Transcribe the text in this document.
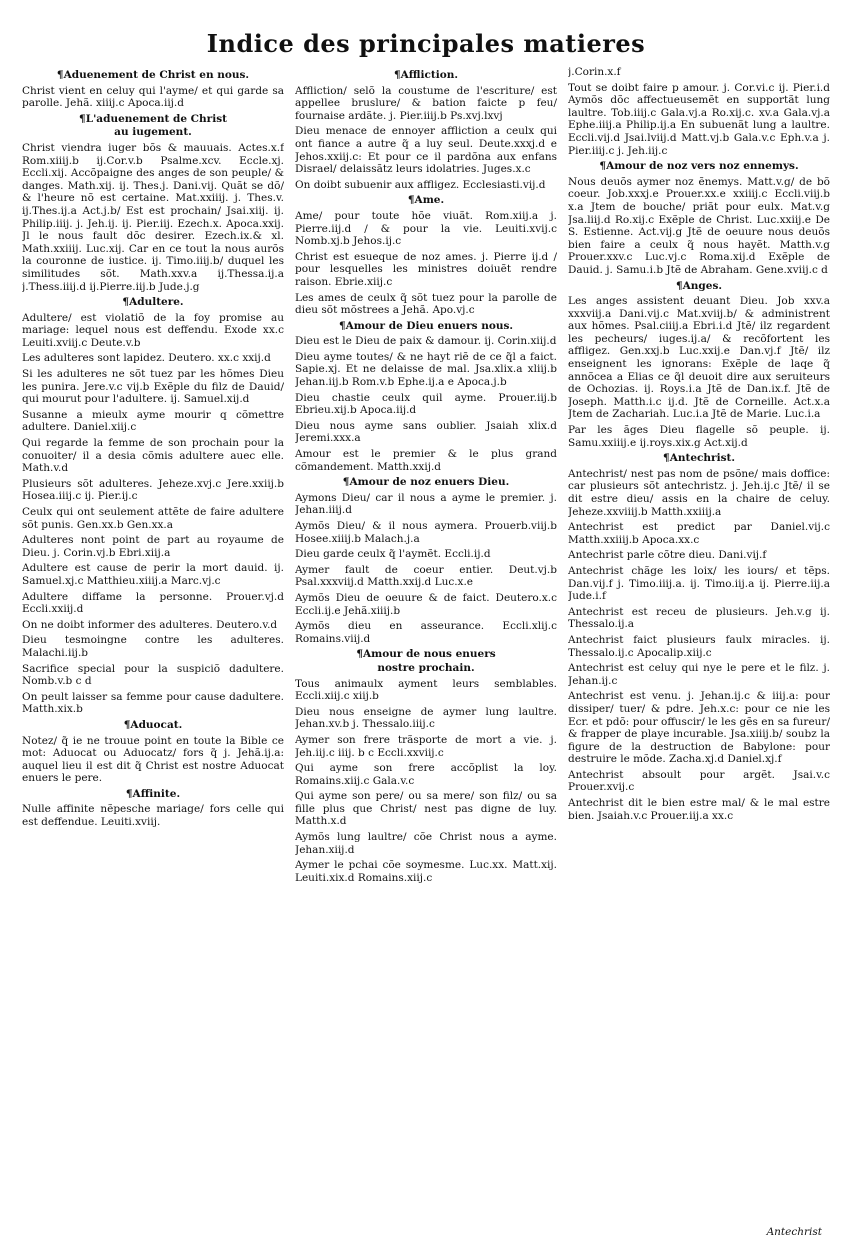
Indice des principales matieres

¶ Aduenement de Christ en nous.

Christ vient en celuy qui l'ayme/ et qui garde sa parolle. Jehã. xiiij.c Apoca.iij.d

¶ L'aduenement de Christ

au iugement.

Christ viendra iuger bõs & mauuais. Actes.x.f Rom.xiiij.b ij.Cor.v.b Psalme.xcv. Eccle.xj. Eccli.xij. Accõpaigne des anges de son peuple/ & danges. Math.xij. ij. Thes.j. Dani.vij. Quãt se dõ/ & l'heure nõ est certaine. Mat.xxiiij. j. Thes.v. ij.Thes.ij.a Act.j.b/ Est est prochain/ Jsai.xiij. ij. Philip.iiij. j. Jeh.ij. ij. Pier.iij. Ezech.x. Apoca.xxij. Jl le nous fault dõc desirer. Ezech.ix.& xl. Math.xxiiij. Luc.xij. Car en ce tout la nous aurõs la couronne de iustice. ij. Timo.iiij.b/ duquel les similitudes sõt. Math.xxv.a ij.Thessa.ij.a j.Thess.iiij.d ij.Pierre.iij.b Jude.j.g

¶ Adultere.

Adultere/ est violatiõ de la foy promise au mariage: lequel nous est deffendu. Exode xx.c Leuiti.xviij.c Deute.v.b

Les adulteres sont lapidez. Deutero. xx.c xxij.d

Si les adulteres ne sõt tuez par les hõmes Dieu les punira. Jere.v.c vij.b Exẽple du filz de Dauid/ qui mourut pour l'adultere. ij. Samuel.xij.d

Susanne a mieulx ayme mourir q cõmettre adultere. Daniel.xiij.c

Qui regarde la femme de son prochain pour la conuoiter/ il a desia cõmis adultere auec elle. Math.v.d

Plusieurs sõt adulteres. Jeheze.xvj.c Jere.xxiij.b Hosea.iiij.c ij. Pier.ij.c

Ceulx qui ont seulement attẽte de faire adultere sõt punis. Gen.xx.b Gen.xx.a

Adulteres nont point de part au royaume de Dieu. j. Corin.vj.b Ebri.xiij.a

Adultere est cause de perir la mort dauid. ij. Samuel.xj.c Matthieu.xiiij.a Marc.vj.c

Adultere diffame la personne. Prouer.vj.d Eccli.xxiij.d

On ne doibt informer des adulteres. Deutero.v.d

Dieu tesmoingne contre les adulteres. Malachi.iij.b

Sacrifice special pour la suspiciõ dadultere. Nomb.v.b c d

On peult laisser sa femme pour cause dadultere. Matth.xix.b

¶ Aduocat.

Notez/ q̃ ie ne trouue point en toute la Bible ce mot: Aduocat ou Aduocatz/ fors q̃ j. Jehã.ij.a: auquel lieu il est dit q̃ Christ est nostre Aduocat enuers le pere.

¶ Affinite.

Nulle affinite nẽpesche mariage/ fors celle qui est deffendue. Leuiti.xviij.

¶ Affliction.

Affliction/ selõ la coustume de l'escriture/ est appellee bruslure/ & bation faicte p feu/ fournaise ardãte. j. Pier.iiij.b Ps.xvj.lxvj

Dieu menace de ennoyer affliction a ceulx qui ont fiance a autre q̃ a luy seul. Deute.xxxj.d e Jehos.xxiij.c: Et pour ce il pardõna aux enfans Disrael/ delaissãtz leurs idolatries. Juges.x.c

On doibt subuenir aux affligez. Ecclesiasti.vij.d

¶ Ame.

Ame/ pour toute hõe viuãt. Rom.xiij.a j. Pierre.iij.d / & pour la vie. Leuiti.xvij.c Nomb.xj.b Jehos.ij.c

Christ est esueque de noz ames. j. Pierre ij.d / pour lesquelles les ministres doiuẽt rendre raison. Ebrie.xiij.c

Les ames de ceulx q̃ sõt tuez pour la parolle de dieu sõt mõstrees a Jehã. Apo.vj.c

¶ Amour de Dieu enuers nous.

Dieu est le Dieu de paix & damour. ij. Corin.xiij.d

Dieu ayme toutes/ & ne hayt riẽ de ce q̃l a faict. Sapie.xj. Et ne delaisse de mal. Jsa.xlix.a xliij.b Jehan.iij.b Rom.v.b Ephe.ij.a e Apoca.j.b

Dieu chastie ceulx quil ayme. Prouer.iij.b Ebrieu.xij.b Apoca.iij.d

Dieu nous ayme sans oublier. Jsaiah xlix.d Jeremi.xxx.a

Amour est le premier & le plus grand cõmandement. Matth.xxij.d

¶ Amour de noz enuers Dieu.

Aymons Dieu/ car il nous a ayme le premier. j. Jehan.iiij.d

Aymõs Dieu/ & il nous aymera. Prouerb.viij.b Hosee.xiiij.b Malach.j.a

Dieu garde ceulx q̃ l'aymẽt. Eccli.ij.d

Aymer fault de coeur entier. Deut.vj.b Psal.xxxviij.d Matth.xxij.d Luc.x.e

Aymõs Dieu de oeuure & de faict. Deutero.x.c Eccli.ij.e Jehã.xiiij.b

Aymõs dieu en asseurance. Eccli.xlij.c Romains.viij.d

¶ Amour de nous enuers

nostre prochain.

Tous animaulx ayment leurs semblables. Eccli.xiij.c xiij.b

Dieu nous enseigne de aymer lung laultre. Jehan.xv.b j. Thessalo.iiij.c

Aymer son frere trãsporte de mort a vie. j. Jeh.iij.c iiij. b c Eccli.xxviij.c

Qui ayme son frere accõplist la loy. Romains.xiij.c Gala.v.c

Qui ayme son pere/ ou sa mere/ son filz/ ou sa fille plus que Christ/ nest pas digne de luy. Matth.x.d

Aymõs lung laultre/ cõe Christ nous a ayme. Jehan.xiij.d

Aymer le pchai cõe soymesme. Luc.xx. Matt.xij. Leuiti.xix.d Romains.xiij.c

j.Corin.x.f

Tout se doibt faire p amour. j. Cor.vi.c ij. Pier.i.d Aymõs dõc affectueusemẽt en supportãt lung laultre. Tob.iiij.c Gala.vj.a Ro.xij.c. xv.a Gala.vj.a Ephe.iiij.a Philip.ij.a En subuenãt lung a laultre. Eccli.vij.d Jsai.lviij.d Matt.vj.b Gala.v.c Eph.v.a j. Pier.iiij.c j. Jeh.iij.c

¶ Amour de noz vers noz ennemys.

Nous deuõs aymer noz ẽnemys. Matt.v.g/ de bõ coeur. Job.xxxj.e Prouer.xx.e xxiiij.c Eccli.viij.b x.a Jtem de bouche/ priãt pour eulx. Mat.v.g Jsa.liij.d Ro.xij.c Exẽple de Christ. Luc.xxiij.e De S. Estienne. Act.vij.g Jtẽ de oeuure nous deuõs bien faire a ceulx q̃ nous hayẽt. Matth.v.g Prouer.xxv.c Luc.vj.c Roma.xij.d Exẽple de Dauid. j. Samu.i.b Jtẽ de Abraham. Gene.xviij.c d

¶ Anges.

Les anges assistent deuant Dieu. Job xxv.a xxxviij.a Dani.vij.c Mat.xviij.b/ & administrent aux hõmes. Psal.ciiij.a Ebri.i.d Jtẽ/ ilz regardent les pecheurs/ iuges.ij.a/ & recõfortent les affligez. Gen.xxj.b Luc.xxij.e Dan.vj.f Jtẽ/ ilz enseignent les ignorans: Exẽple de laqe q̃ annõcea a Elias ce q̃l deuoit dire aux seruiteurs de Ochozias. ij. Roys.i.a Jtẽ de Dan.ix.f. Jtẽ de Joseph. Matth.i.c ij.d. Jtẽ de Corneille. Act.x.a Jtem de Zachariah. Luc.i.a Jtẽ de Marie. Luc.i.a

Par les ãges Dieu flagelle sõ peuple. ij. Samu.xxiiij.e ij.roys.xix.g Act.xij.d

¶ Antechrist.

Antechrist/ nest pas nom de psõne/ mais doffice: car plusieurs sõt antechristz. j. Jeh.ij.c Jtẽ/ il se dit estre dieu/ assis en la chaire de celuy. Jeheze.xxviiij.b Matth.xxiiij.a

Antechrist est predict par Daniel.vij.c Matth.xxiiij.b Apoca.xx.c

Antechrist parle cõtre dieu. Dani.vij.f

Antechrist chãge les loix/ les iours/ et tẽps. Dan.vij.f j. Timo.iiij.a. ij. Timo.iij.a ij. Pierre.iij.a Jude.i.f

Antechrist est receu de plusieurs. Jeh.v.g ij. Thessalo.ij.a

Antechrist faict plusieurs faulx miracles. ij. Thessalo.ij.c Apocalip.xiij.c

Antechrist est celuy qui nye le pere et le filz. j. Jehan.ij.c

Antechrist est venu. j. Jehan.ij.c & iiij.a: pour dissiper/ tuer/ & pdre. Jeh.x.c: pour ce nie les Ecr. et pdõ: pour offuscir/ le les gẽs en sa fureur/ & frapper de playe incurable. Jsa.xiiij.b/ soubz la figure de la destruction de Babylone: pour destruire le mõde. Zacha.xj.d Daniel.xj.f

Antechrist absoult pour argẽt. Jsai.v.c Prouer.xvij.c

Antechrist dit le bien estre mal/ & le mal estre bien. Jsaiah.v.c Prouer.iij.a xx.c

Antechrist
